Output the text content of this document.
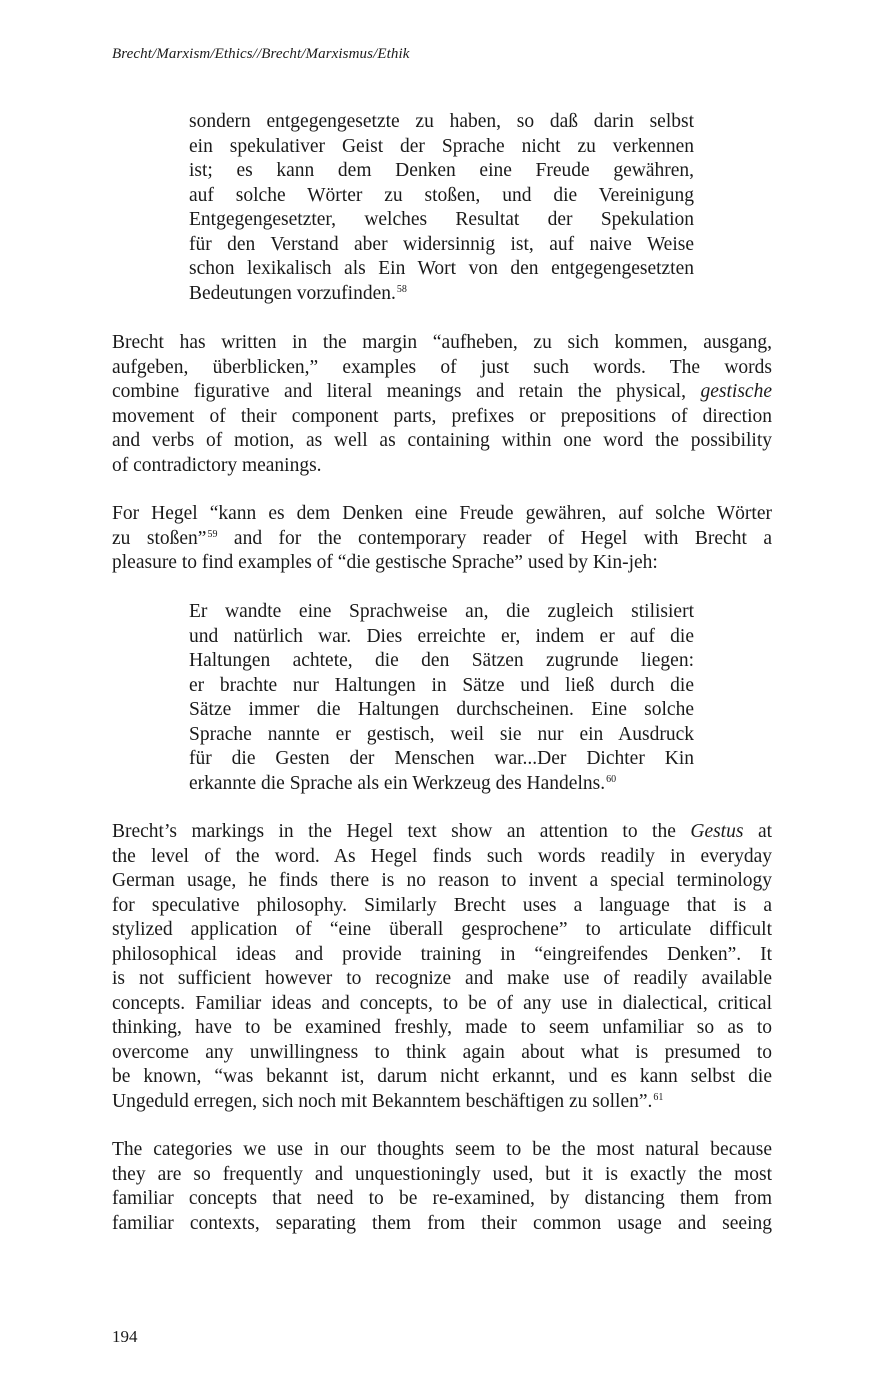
Brecht/Marxism/Ethics//Brecht/Marxismus/Ethik
sondern entgegengesetzte zu haben, so daß darin selbst
ein spekulativer Geist der Sprache nicht zu verkennen
ist; es kann dem Denken eine Freude gewähren,
auf solche Wörter zu stoßen, und die Vereinigung
Entgegengesetzter, welches Resultat der Spekulation
für den Verstand aber widersinnig ist, auf naive Weise
schon lexikalisch als Ein Wort von den entgegengesetzten
Bedeutungen vorzufinden.$^{58}$
Brecht has written in the margin “aufheben, zu sich kommen, ausgang,
aufgeben, überblicken,” examples of just such words. The words
combine figurative and literal meanings and retain the physical, gestische
movement of their component parts, prefixes or prepositions of direction
and verbs of motion, as well as containing within one word the possibility
of contradictory meanings.
For Hegel “kann es dem Denken eine Freude gewähren, auf solche Wörter
zu stoßen”$^{59}$ and for the contemporary reader of Hegel with Brecht a
pleasure to find examples of “die gestische Sprache” used by Kin-jeh:
Er wandte eine Sprachweise an, die zugleich stilisiert
und natürlich war. Dies erreichte er, indem er auf die
Haltungen achtete, die den Sätzen zugrunde liegen:
er brachte nur Haltungen in Sätze und ließ durch die
Sätze immer die Haltungen durchscheinen. Eine solche
Sprache nannte er gestisch, weil sie nur ein Ausdruck
für die Gesten der Menschen war...Der Dichter Kin
erkannte die Sprache als ein Werkzeug des Handelns.$^{60}$
Brecht’s markings in the Hegel text show an attention to the Gestus at
the level of the word. As Hegel finds such words readily in everyday
German usage, he finds there is no reason to invent a special terminology
for speculative philosophy. Similarly Brecht uses a language that is a
stylized application of “eine überall gesprochene” to articulate difficult
philosophical ideas and provide training in “eingreifendes Denken”. It
is not sufficient however to recognize and make use of readily available
concepts. Familiar ideas and concepts, to be of any use in dialectical, critical
thinking, have to be examined freshly, made to seem unfamiliar so as to
overcome any unwillingness to think again about what is presumed to
be known, “was bekannt ist, darum nicht erkannt, und es kann selbst die
Ungeduld erregen, sich noch mit Bekanntem beschäftigen zu sollen”.$^{61}$
The categories we use in our thoughts seem to be the most natural because
they are so frequently and unquestioningly used, but it is exactly the most
familiar concepts that need to be re-examined, by distancing them from
familiar contexts, separating them from their common usage and seeing
194
